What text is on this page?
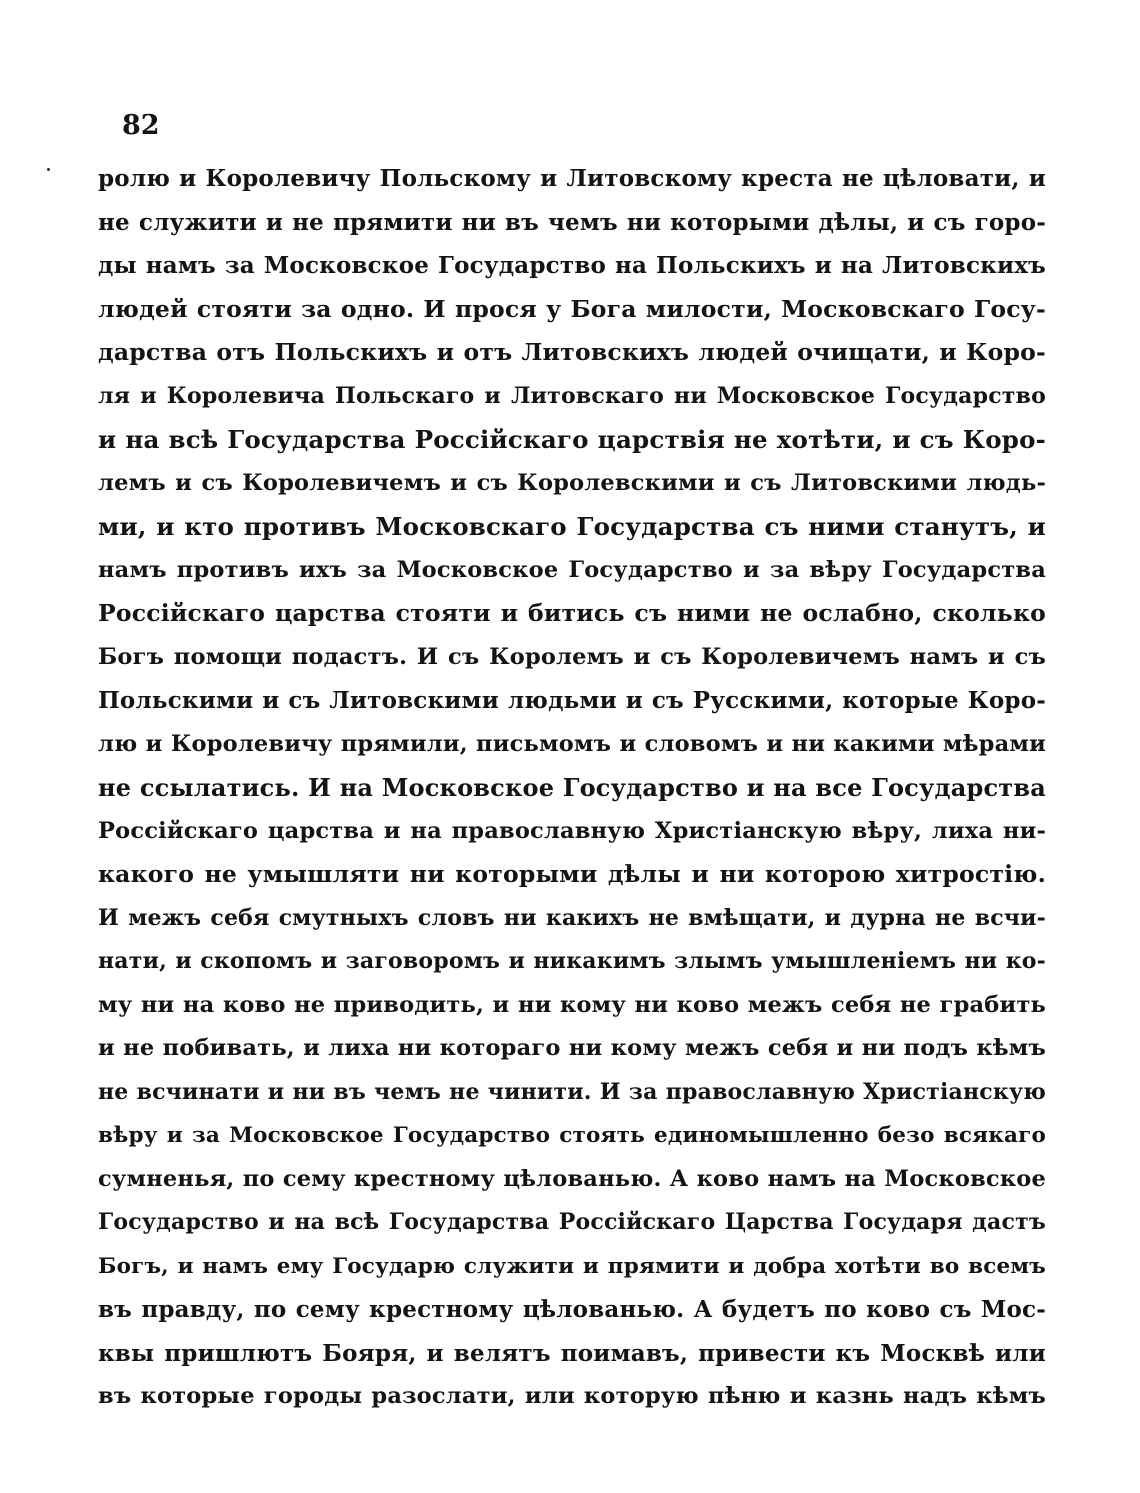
82
ролю и Королевичу Польскому и Литовскому креста не цѣловати, и
не служити и не прямити ни въ чемъ ни которыми дѣлы, и съ горо-
ды намъ за Московское Государство на Польскихъ и на Литовскихъ
людей стояти за одно. И прося у Бога милости, Московскаго Госу-
дарства отъ Польскихъ и отъ Литовскихъ людей очищати, и Коро-
ля и Королевича Польскаго и Литовскаго ни Московское Государство
и на всѣ Государства Россійскаго царствія не хотѣти, и съ Коро-
лемъ и съ Королевичемъ и съ Королевскими и съ Литовскими людь-
ми, и кто противъ Московскаго Государства съ ними станутъ, и
намъ противъ ихъ за Московское Государство и за вѣру Государства
Россійскаго царства стояти и битись съ ними не ослабно, сколько
Богъ помощи подастъ. И съ Королемъ и съ Королевичемъ намъ и съ
Польскими и съ Литовскими людьми и съ Русскими, которые Коро-
лю и Королевичу прямили, письмомъ и словомъ и ни какими мѣрами
не ссылатись. И на Московское Государство и на все Государства
Россійскаго царства и на православную Христіанскую вѣру, лиха ни-
какого не умышляти ни которыми дѣлы и ни которою хитростію.
И межъ себя смутныхъ словъ ни какихъ не вмѣщати, и дурна не всчи-
нати, и скопомъ и заговоромъ и никакимъ злымъ умышленіемъ ни ко-
му ни на ково не приводить, и ни кому ни ково межъ себя не грабить
и не побивать, и лиха ни котораго ни кому межъ себя и ни подъ кѣмъ
не всчинати и ни въ чемъ не чинити. И за православную Христіанскую
вѣру и за Московское Государство стоять единомышленно безо всякаго
сумненья, по сему крестному цѣлованью. А ково намъ на Московское
Государство и на всѣ Государства Россійскаго Царства Государя дастъ
Богъ, и намъ ему Государю служити и прямити и добра хотѣти во всемъ
въ правду, по сему крестному цѣлованью. А будетъ по ково съ Мос-
квы пришлютъ Бояря, и велятъ поимавъ, привести къ Москвѣ или
въ которые городы разослати, или которую пѣню и казнь надъ кѣмъ
